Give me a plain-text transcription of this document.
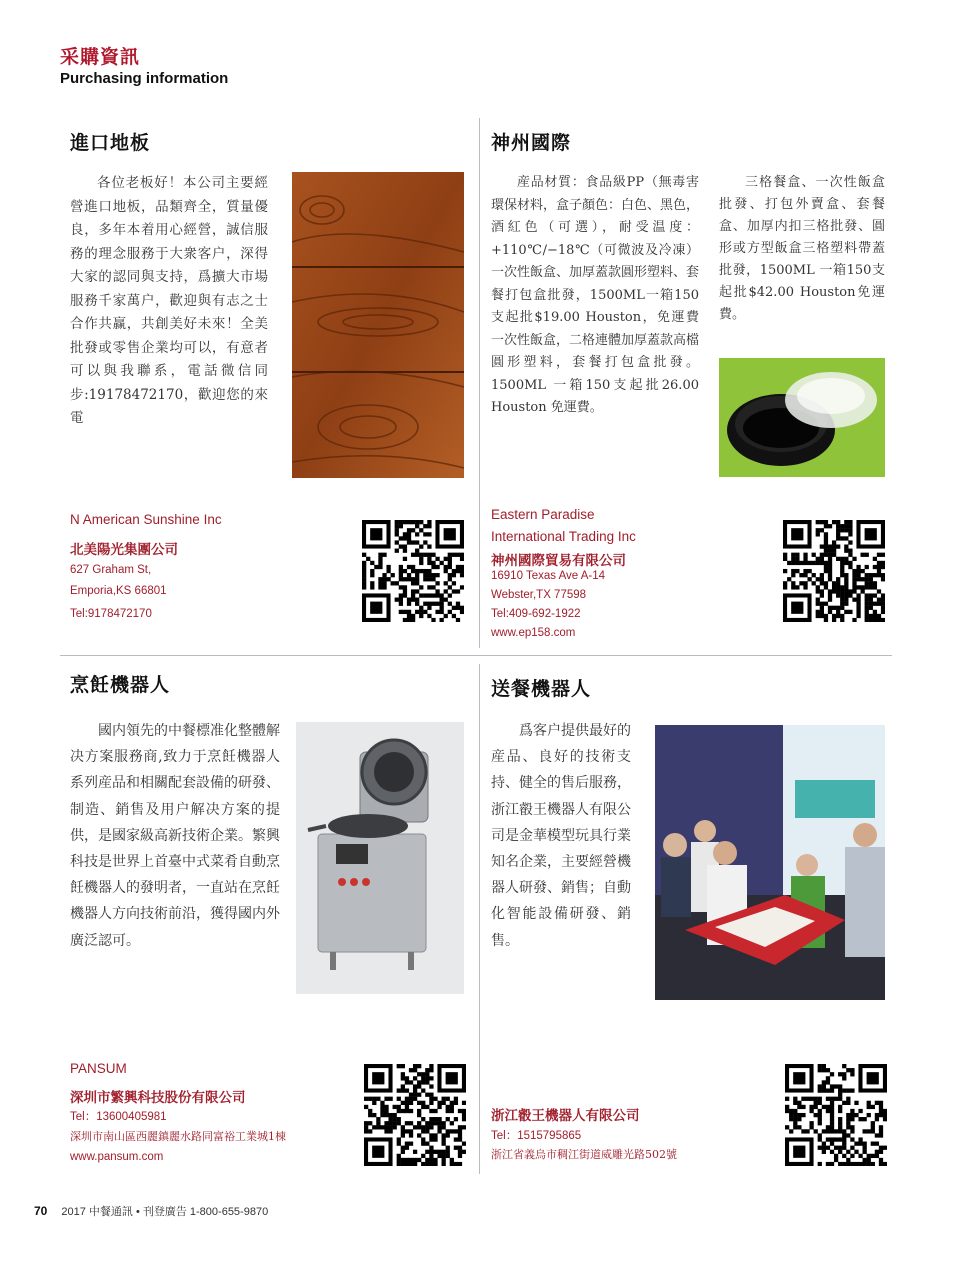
采購資訊
Purchasing information
進口地板
各位老板好！本公司主要經營進口地板，品類齊全，質量優良，多年本着用心經營，誠信服務的理念服務于大衆客户，深得大家的認同與支持，爲擴大市場服務千家萬户，歡迎與有志之士合作共赢，共創美好未來！全美批發或零售企業均可以，有意者可以與我聯系，電話微信同步:19178472170，歡迎您的來電
N American Sunshine Inc
北美陽光集團公司
627 Graham St,
Emporia,KS 66801
Tel:9178472170
神州國際
産品材質：食品級PP（無毒害環保材料，盒子顏色：白色、黑色，酒紅色（可選），耐受温度：+110℃/−18℃（可微波及冷凍）一次性飯盒、加厚蓋款圓形塑料、套餐打包盒批發，1500ML一箱150支起批$19.00 Houston，免運費一次性飯盒，二格連體加厚蓋款高檔圓形塑料，套餐打包盒批發。1500ML 一箱150支起批26.00 Houston 免運費。
三格餐盒、一次性飯盒批發、打包外賣盒、套餐盒、加厚内扣三格批發、圓形或方型飯盒三格塑料帶蓋批發，1500ML 一箱150支起批$42.00 Houston免運費。
Eastern Paradise
International Trading Inc
神州國際貿易有限公司
16910 Texas Ave A-14
Webster,TX 77598
Tel:409-692-1922
www.ep158.com
烹飪機器人
國内領先的中餐標准化整體解决方案服務商,致力于烹飪機器人系列産品和相關配套設備的研發、制造、銷售及用户解决方案的提供，是國家級高新技術企業。繁興科技是世界上首臺中式菜肴自動烹飪機器人的發明者，一直站在烹飪機器人方向技術前沿，獲得國内外廣泛認可。
PANSUM
深圳市繁興科技股份有限公司
Tel：13600405981
深圳市南山區西麗鎮麗水路同富裕工業城1棟
www.pansum.com
送餐機器人
爲客户提供最好的産品、良好的技術支持、健全的售后服務，浙江㲊王機器人有限公司是金華模型玩具行業知名企業，主要經營機器人研發、銷售；自動化智能設備研發、銷售。
浙江㲊王機器人有限公司
Tel：1515795865
浙江省義烏市稠江街道威雕光路502號
70 2017 中餐通訊 • 刊登廣告 1-800-655-9870
